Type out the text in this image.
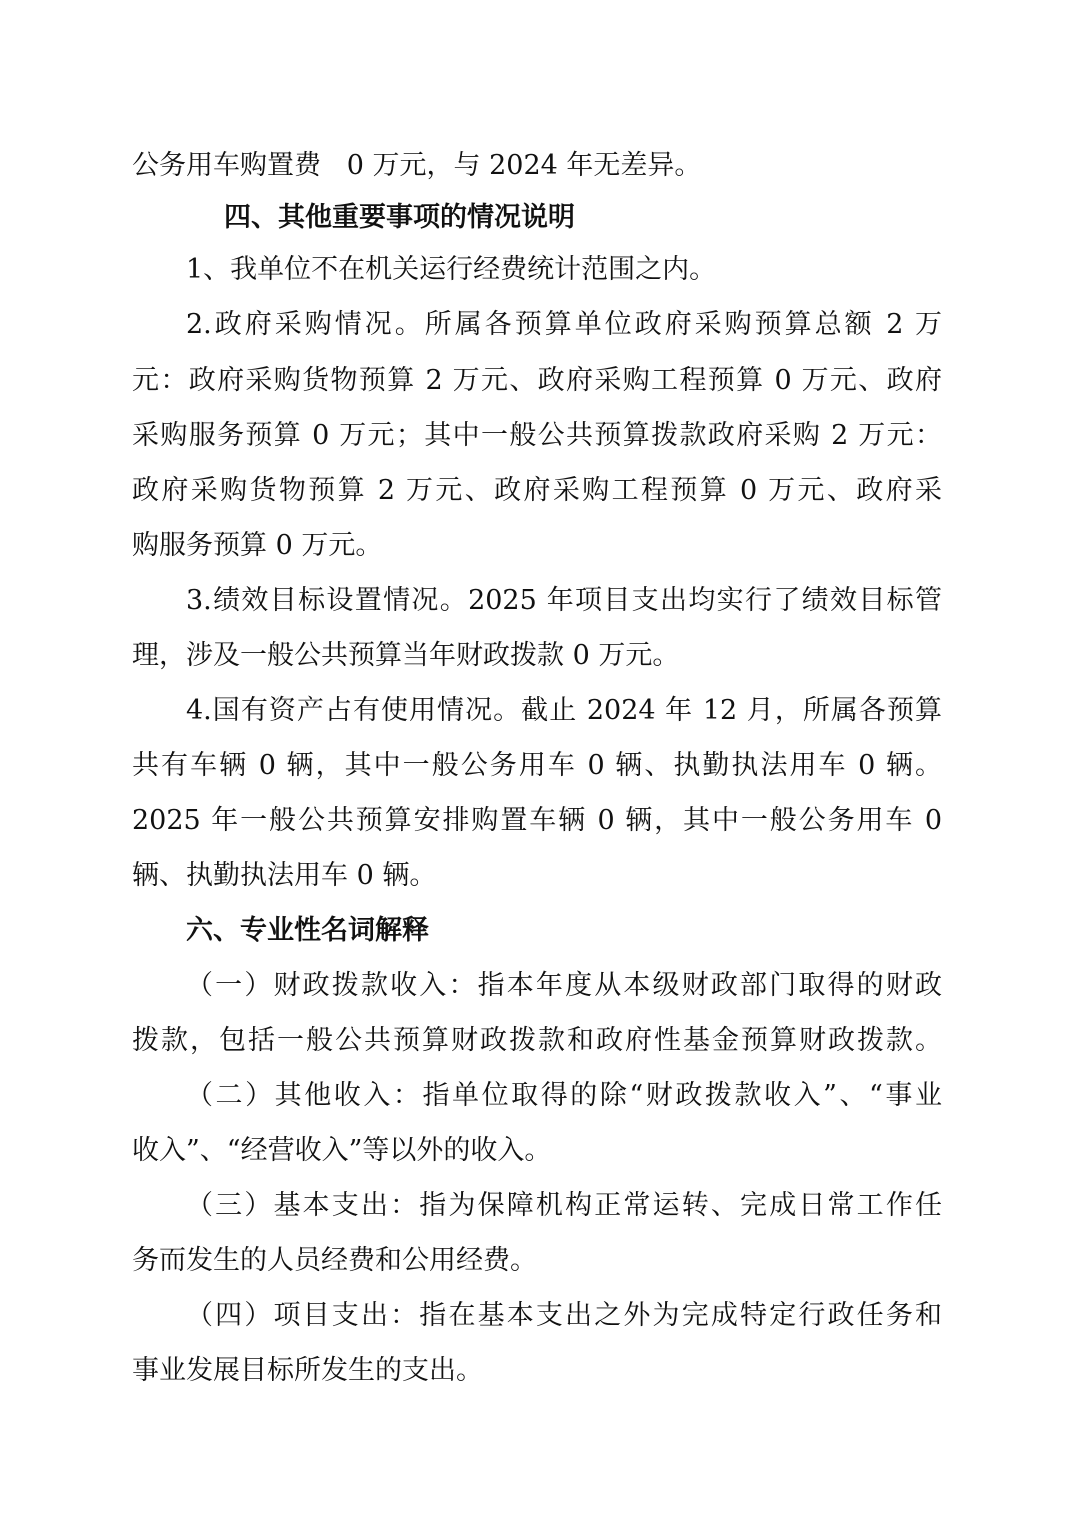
公务用车购置费   0 万元，与 2024 年无差异。

四、其他重要事项的情况说明

1、我单位不在机关运行经费统计范围之内。

2.政府采购情况。所属各预算单位政府采购预算总额 2 万

元：政府采购货物预算 2 万元、政府采购工程预算 0 万元、政府

采购服务预算 0 万元；其中一般公共预算拨款政府采购 2 万元：

政府采购货物预算 2 万元、政府采购工程预算 0 万元、政府采

购服务预算 0 万元。

3.绩效目标设置情况。2025 年项目支出均实行了绩效目标管

理，涉及一般公共预算当年财政拨款 0 万元。

4.国有资产占有使用情况。截止 2024 年 12 月，所属各预算

共有车辆 0 辆，其中一般公务用车 0 辆、执勤执法用车 0 辆。

2025 年一般公共预算安排购置车辆 0 辆，其中一般公务用车 0

辆、执勤执法用车 0 辆。

六、专业性名词解释

（一）财政拨款收入：指本年度从本级财政部门取得的财政

拨款，包括一般公共预算财政拨款和政府性基金预算财政拨款。

（二）其他收入：指单位取得的除“财政拨款收入”、“事业

收入”、“经营收入”等以外的收入。

（三）基本支出：指为保障机构正常运转、完成日常工作任

务而发生的人员经费和公用经费。

（四）项目支出：指在基本支出之外为完成特定行政任务和

事业发展目标所发生的支出。
